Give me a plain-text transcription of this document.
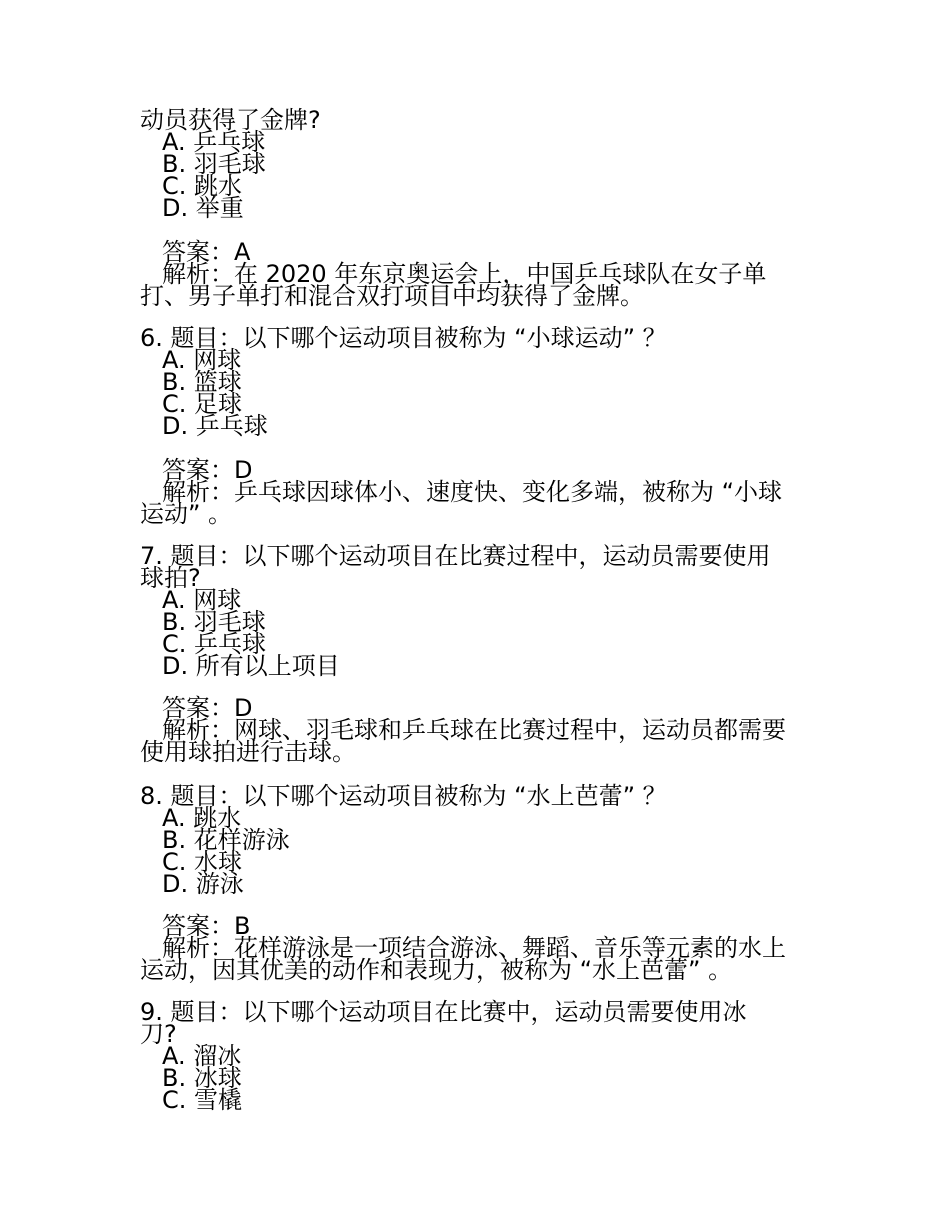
动员获得了金牌?
A. 乒乓球
B. 羽毛球
C. 跳水
D. 举重
答案：A
解析：在 2020 年东京奥运会上，中国乒乓球队在女子单
打、男子单打和混合双打项目中均获得了金牌。
6. 题目：以下哪个运动项目被称为 “小球运动” ？
A. 网球
B. 篮球
C. 足球
D. 乒乓球
答案：D
解析：乒乓球因球体小、速度快、变化多端，被称为 “小球
运动” 。
7. 题目：以下哪个运动项目在比赛过程中，运动员需要使用
球拍?
A. 网球
B. 羽毛球
C. 乒乓球
D. 所有以上项目
答案：D
解析：网球、羽毛球和乒乓球在比赛过程中，运动员都需要
使用球拍进行击球。
8. 题目：以下哪个运动项目被称为 “水上芭蕾” ？
A. 跳水
B. 花样游泳
C. 水球
D. 游泳
答案：B
解析：花样游泳是一项结合游泳、舞蹈、音乐等元素的水上
运动，因其优美的动作和表现力，被称为 “水上芭蕾” 。
9. 题目：以下哪个运动项目在比赛中，运动员需要使用冰
刀?
A. 溜冰
B. 冰球
C. 雪橇
